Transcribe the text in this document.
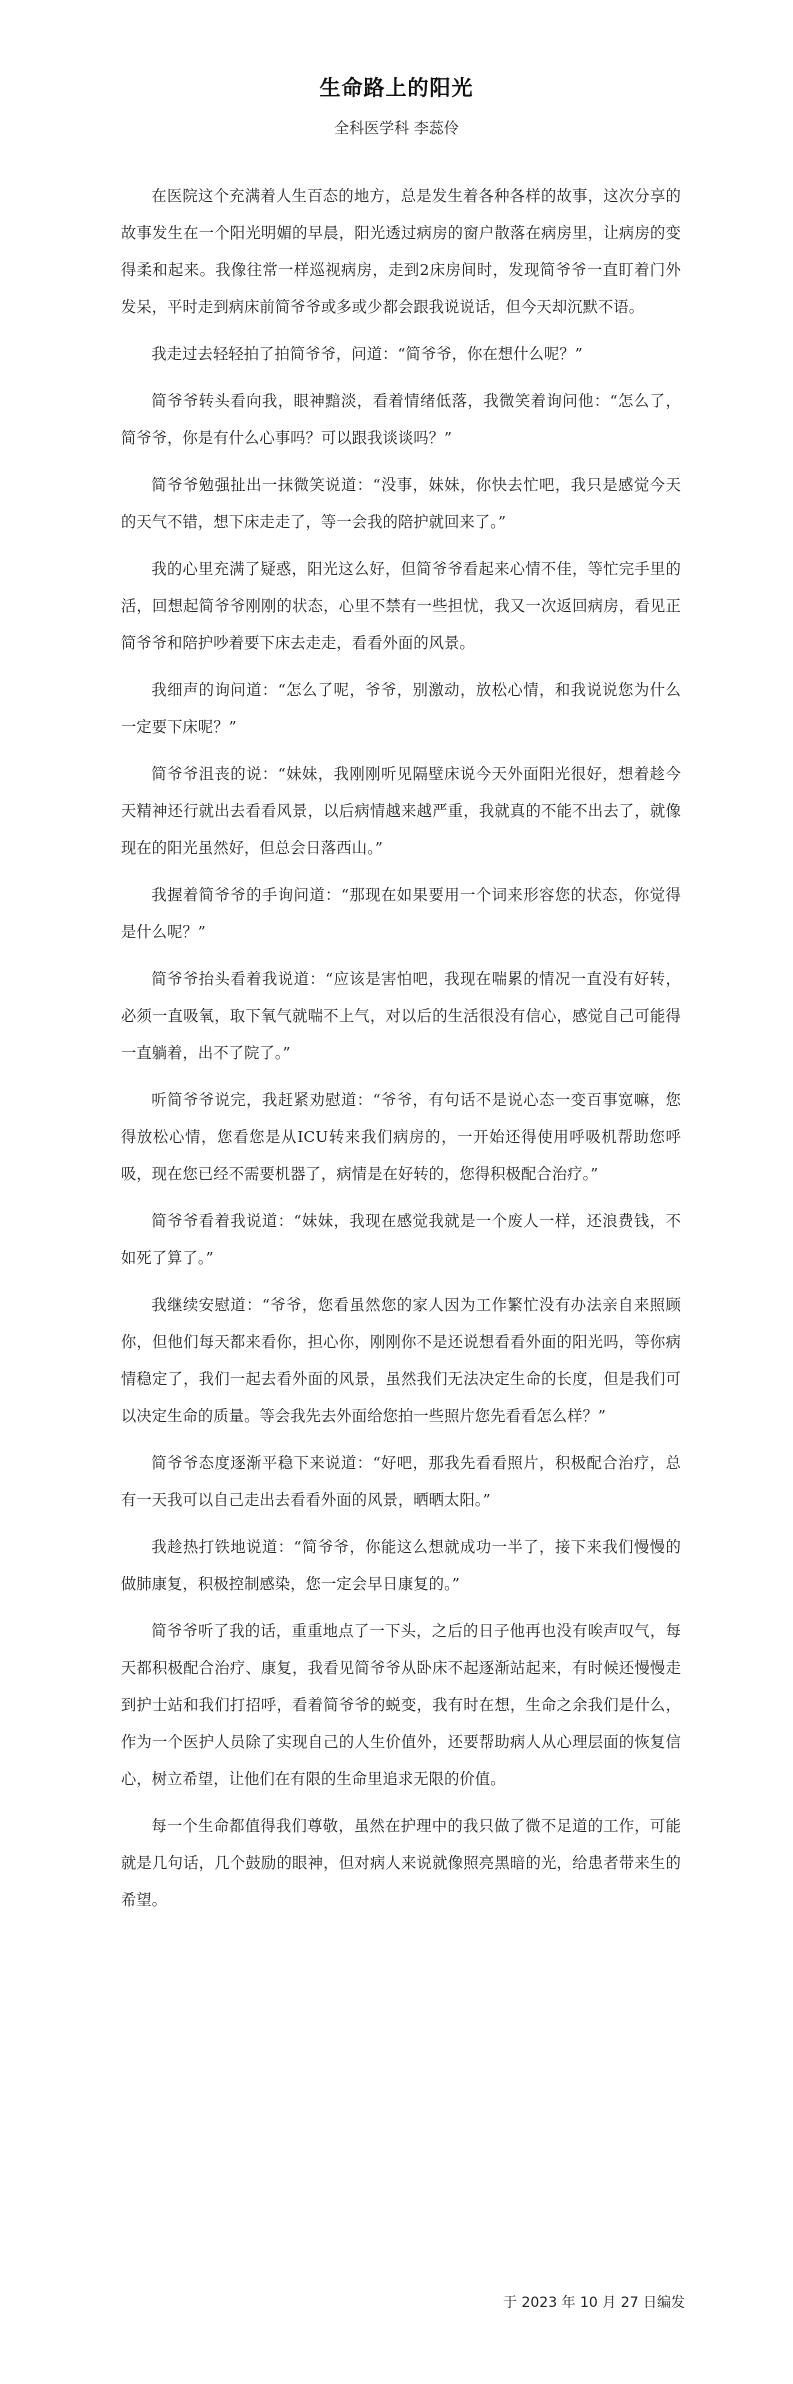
生命路上的阳光
全科医学科 李蕊伶

在医院这个充满着人生百态的地方，总是发生着各种各样的故事，这次分享的故事发生在一个阳光明媚的早晨，阳光透过病房的窗户散落在病房里，让病房的变得柔和起来。我像往常一样巡视病房，走到2床房间时，发现简爷爷一直盯着门外发呆，平时走到病床前简爷爷或多或少都会跟我说说话，但今天却沉默不语。

我走过去轻轻拍了拍简爷爷，问道：“简爷爷，你在想什么呢？”

简爷爷转头看向我，眼神黯淡，看着情绪低落，我微笑着询问他：“怎么了，简爷爷，你是有什么心事吗？可以跟我谈谈吗？”

简爷爷勉强扯出一抹微笑说道：“没事，妹妹，你快去忙吧，我只是感觉今天的天气不错，想下床走走了，等一会我的陪护就回来了。”

我的心里充满了疑惑，阳光这么好，但简爷爷看起来心情不佳，等忙完手里的活，回想起简爷爷刚刚的状态，心里不禁有一些担忧，我又一次返回病房，看见正简爷爷和陪护吵着要下床去走走，看看外面的风景。

我细声的询问道：“怎么了呢，爷爷，别激动，放松心情，和我说说您为什么一定要下床呢？”

简爷爷沮丧的说：“妹妹，我刚刚听见隔壁床说今天外面阳光很好，想着趁今天精神还行就出去看看风景，以后病情越来越严重，我就真的不能不出去了，就像现在的阳光虽然好，但总会日落西山。”

我握着简爷爷的手询问道：“那现在如果要用一个词来形容您的状态，你觉得是什么呢？”

简爷爷抬头看着我说道：“应该是害怕吧，我现在喘累的情况一直没有好转，必须一直吸氧，取下氧气就喘不上气，对以后的生活很没有信心，感觉自己可能得一直躺着，出不了院了。”

听简爷爷说完，我赶紧劝慰道：“爷爷，有句话不是说心态一变百事宽嘛，您得放松心情，您看您是从ICU转来我们病房的，一开始还得使用呼吸机帮助您呼吸，现在您已经不需要机器了，病情是在好转的，您得积极配合治疗。”

简爷爷看着我说道：“妹妹，我现在感觉我就是一个废人一样，还浪费钱，不如死了算了。”

我继续安慰道：“爷爷，您看虽然您的家人因为工作繁忙没有办法亲自来照顾你，但他们每天都来看你，担心你，刚刚你不是还说想看看外面的阳光吗，等你病情稳定了，我们一起去看外面的风景，虽然我们无法决定生命的长度，但是我们可以决定生命的质量。等会我先去外面给您拍一些照片您先看看怎么样？”

简爷爷态度逐渐平稳下来说道：“好吧，那我先看看照片，积极配合治疗，总有一天我可以自己走出去看看外面的风景，晒晒太阳。”

我趁热打铁地说道：“简爷爷，你能这么想就成功一半了，接下来我们慢慢的做肺康复，积极控制感染，您一定会早日康复的。”

简爷爷听了我的话，重重地点了一下头，之后的日子他再也没有唉声叹气，每天都积极配合治疗、康复，我看见简爷爷从卧床不起逐渐站起来，有时候还慢慢走到护士站和我们打招呼，看着简爷爷的蜕变，我有时在想，生命之余我们是什么，作为一个医护人员除了实现自己的人生价值外，还要帮助病人从心理层面的恢复信心，树立希望，让他们在有限的生命里追求无限的价值。

每一个生命都值得我们尊敬，虽然在护理中的我只做了微不足道的工作，可能就是几句话，几个鼓励的眼神，但对病人来说就像照亮黑暗的光，给患者带来生的希望。

于 2023 年 10 月 27 日编发
